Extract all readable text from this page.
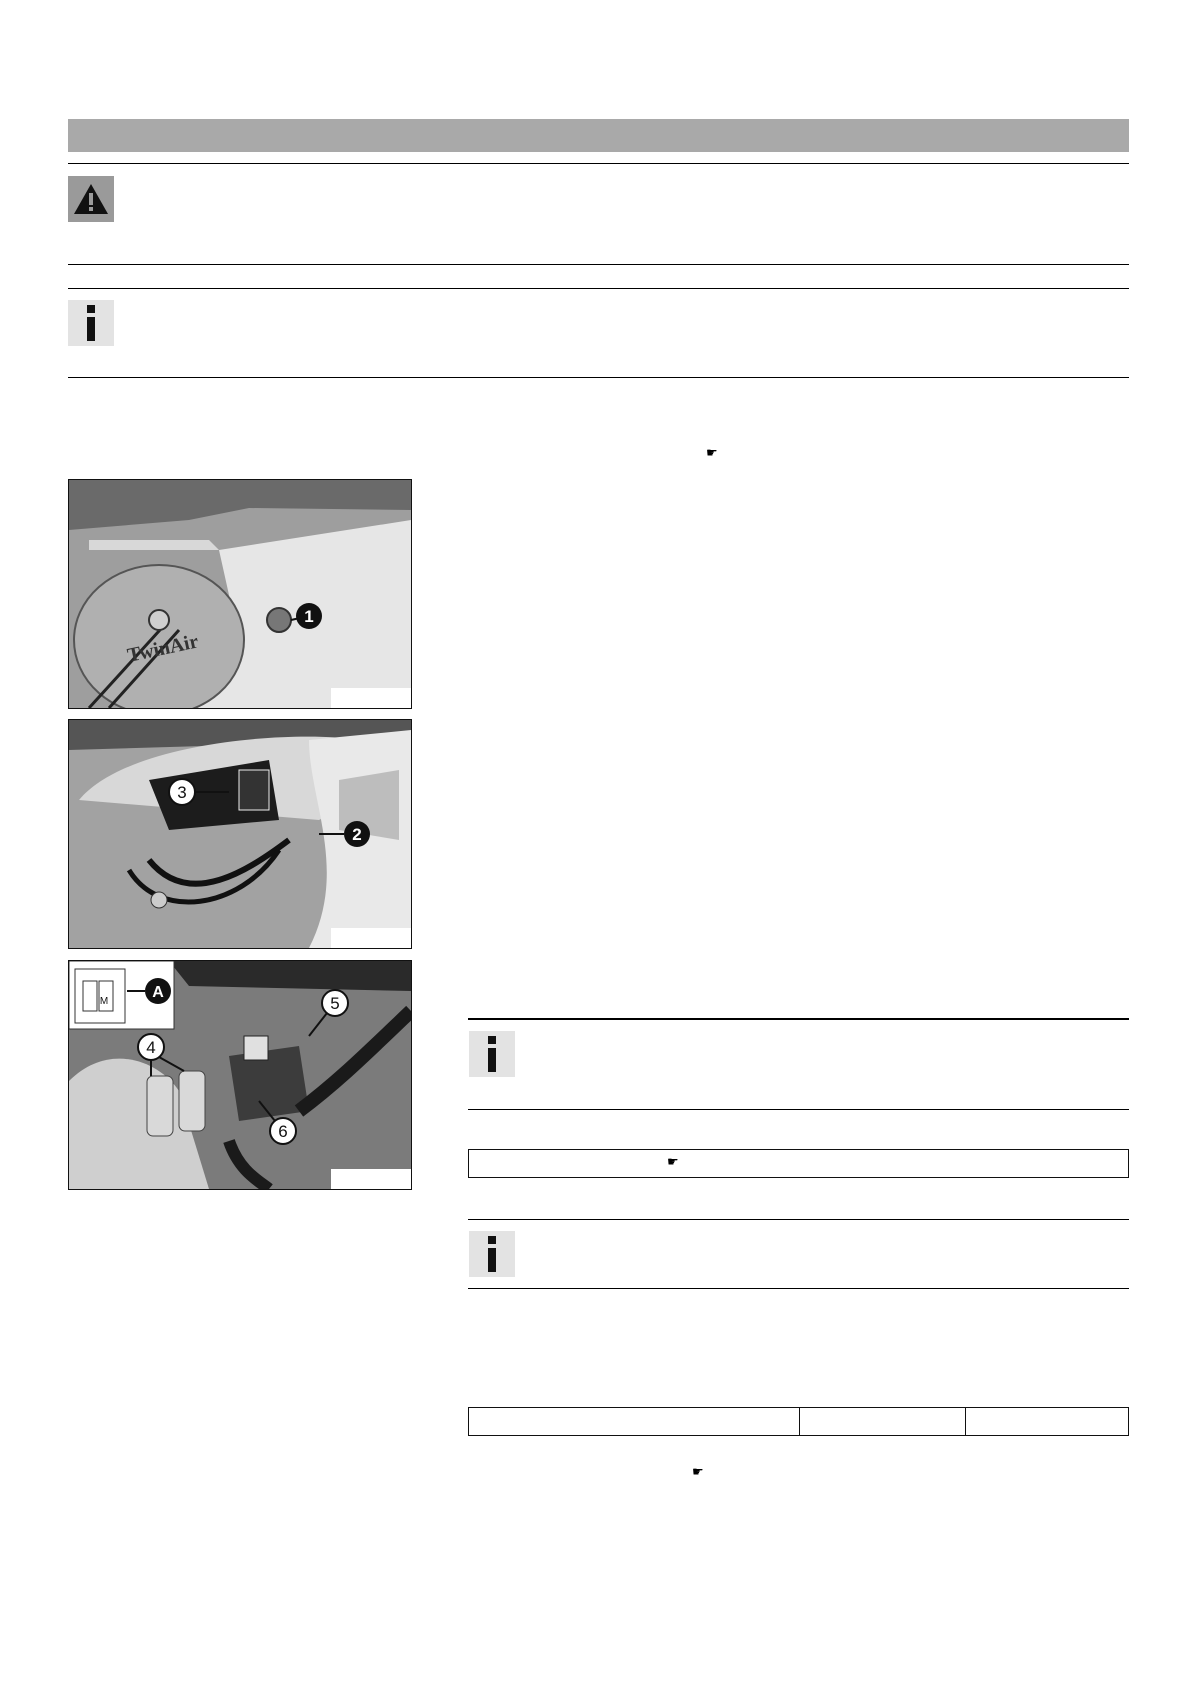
☛
TwinAir
1
3
2
M
A
4
5
6
☛
☛
